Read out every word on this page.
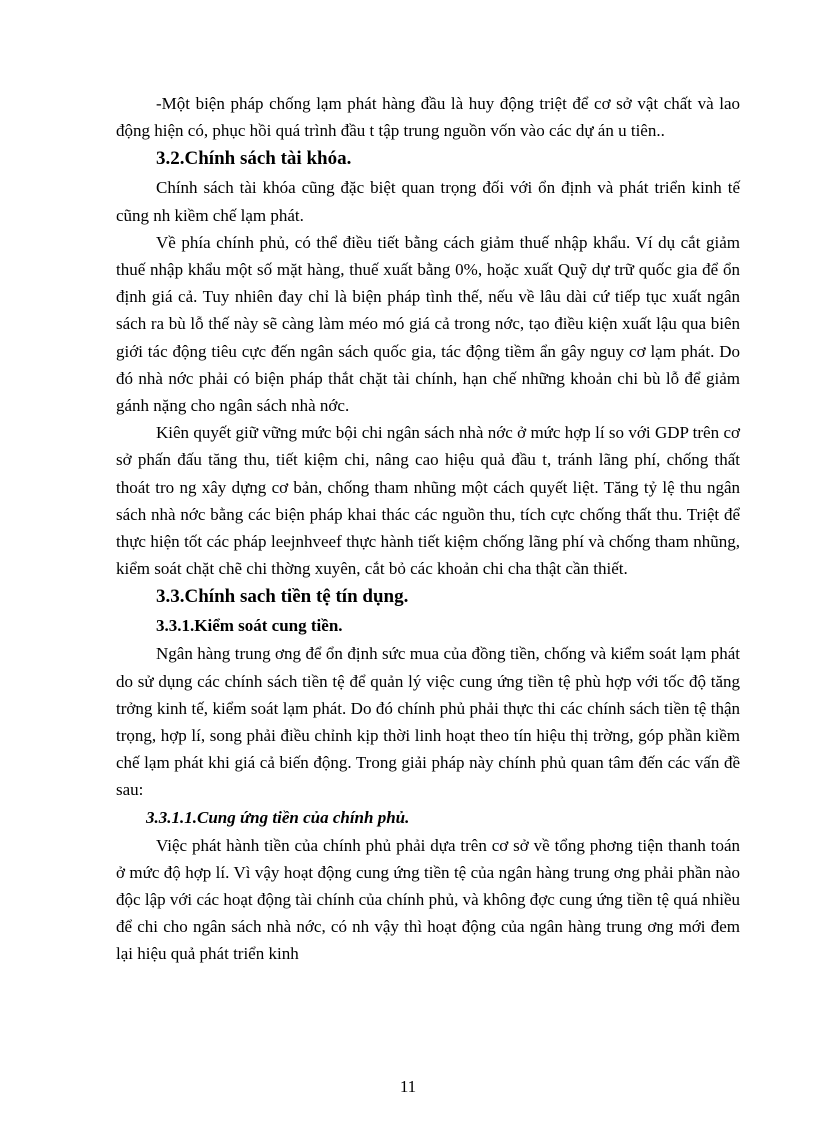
-Một biện pháp chống lạm phát hàng đầu là huy động triệt để cơ sở vật chất và lao động hiện có, phục hồi quá trình đầu t tập trung nguồn vốn vào các dự án u tiên..

3.2.Chính sách tài khóa.

Chính sách tài khóa cũng đặc biệt quan trọng đối với ổn định và phát triển kinh tế cũng nh kiềm chế lạm phát.

Về phía chính phủ, có thể điều tiết bằng cách giảm thuế nhập khẩu. Ví dụ cắt giảm thuế nhập khẩu một số mặt hàng, thuế xuất bằng 0%, hoặc xuất Quỹ dự trữ quốc gia để ổn định giá cả. Tuy nhiên đay chỉ là biện pháp tình thế, nếu về lâu dài cứ tiếp tục xuất ngân sách ra bù lỗ thế này sẽ càng làm méo mó giá cả trong nớc, tạo điều kiện xuất lậu qua biên giới tác động tiêu cực đến ngân sách quốc gia, tác động tiềm ẩn gây nguy cơ lạm phát. Do đó nhà nớc phải có biện pháp thắt chặt tài chính, hạn chế những khoản chi bù lỗ để giảm gánh nặng cho ngân sách nhà nớc.

Kiên quyết giữ vững mức bội chi ngân sách nhà nớc ở mức hợp lí so với GDP trên cơ sở phấn đấu tăng thu, tiết kiệm chi, nâng cao hiệu quả đầu t, tránh lãng phí, chống thất thoát tro ng xây dựng cơ bản, chống tham nhũng một cách quyết liệt. Tăng tỷ lệ thu ngân sách nhà nớc bằng các biện pháp khai thác các nguồn thu, tích cực chống thất thu. Triệt để thực hiện tốt các pháp leejnhveef thực hành tiết kiệm chống lãng phí và chống tham nhũng, kiểm soát chặt chẽ chi thờng xuyên, cắt bỏ các khoản chi cha thật cần thiết.

3.3.Chính sach tiền tệ tín dụng.

3.3.1.Kiểm soát cung tiền.

Ngân hàng trung ơng để ổn định sức mua của đồng tiền, chống và kiểm soát lạm phát do sử dụng các chính sách tiền tệ để quản lý việc cung ứng tiền tệ phù hợp với tốc độ tăng trởng kinh tế, kiểm soát lạm phát. Do đó chính phủ phải thực thi các chính sách tiền tệ thận trọng, hợp lí, song phải điều chỉnh kịp thời linh hoạt theo tín hiệu thị trờng, góp phần kiềm chế lạm phát khi giá cả biến động. Trong giải pháp này chính phủ quan tâm đến các vấn đề sau:

3.3.1.1.Cung ứng tiền của chính phủ.

Việc phát hành tiền của chính phủ phải dựa trên cơ sở về tổng phơng tiện thanh toán ở mức độ hợp lí. Vì vậy hoạt động cung ứng tiền tệ của ngân hàng trung ơng phải phần nào độc lập với các hoạt động tài chính của chính phủ, và không đợc cung ứng tiền tệ quá nhiều để chi cho ngân sách nhà nớc, có nh vậy thì hoạt động của ngân hàng trung ơng mới đem lại hiệu quả phát triển kinh

11
